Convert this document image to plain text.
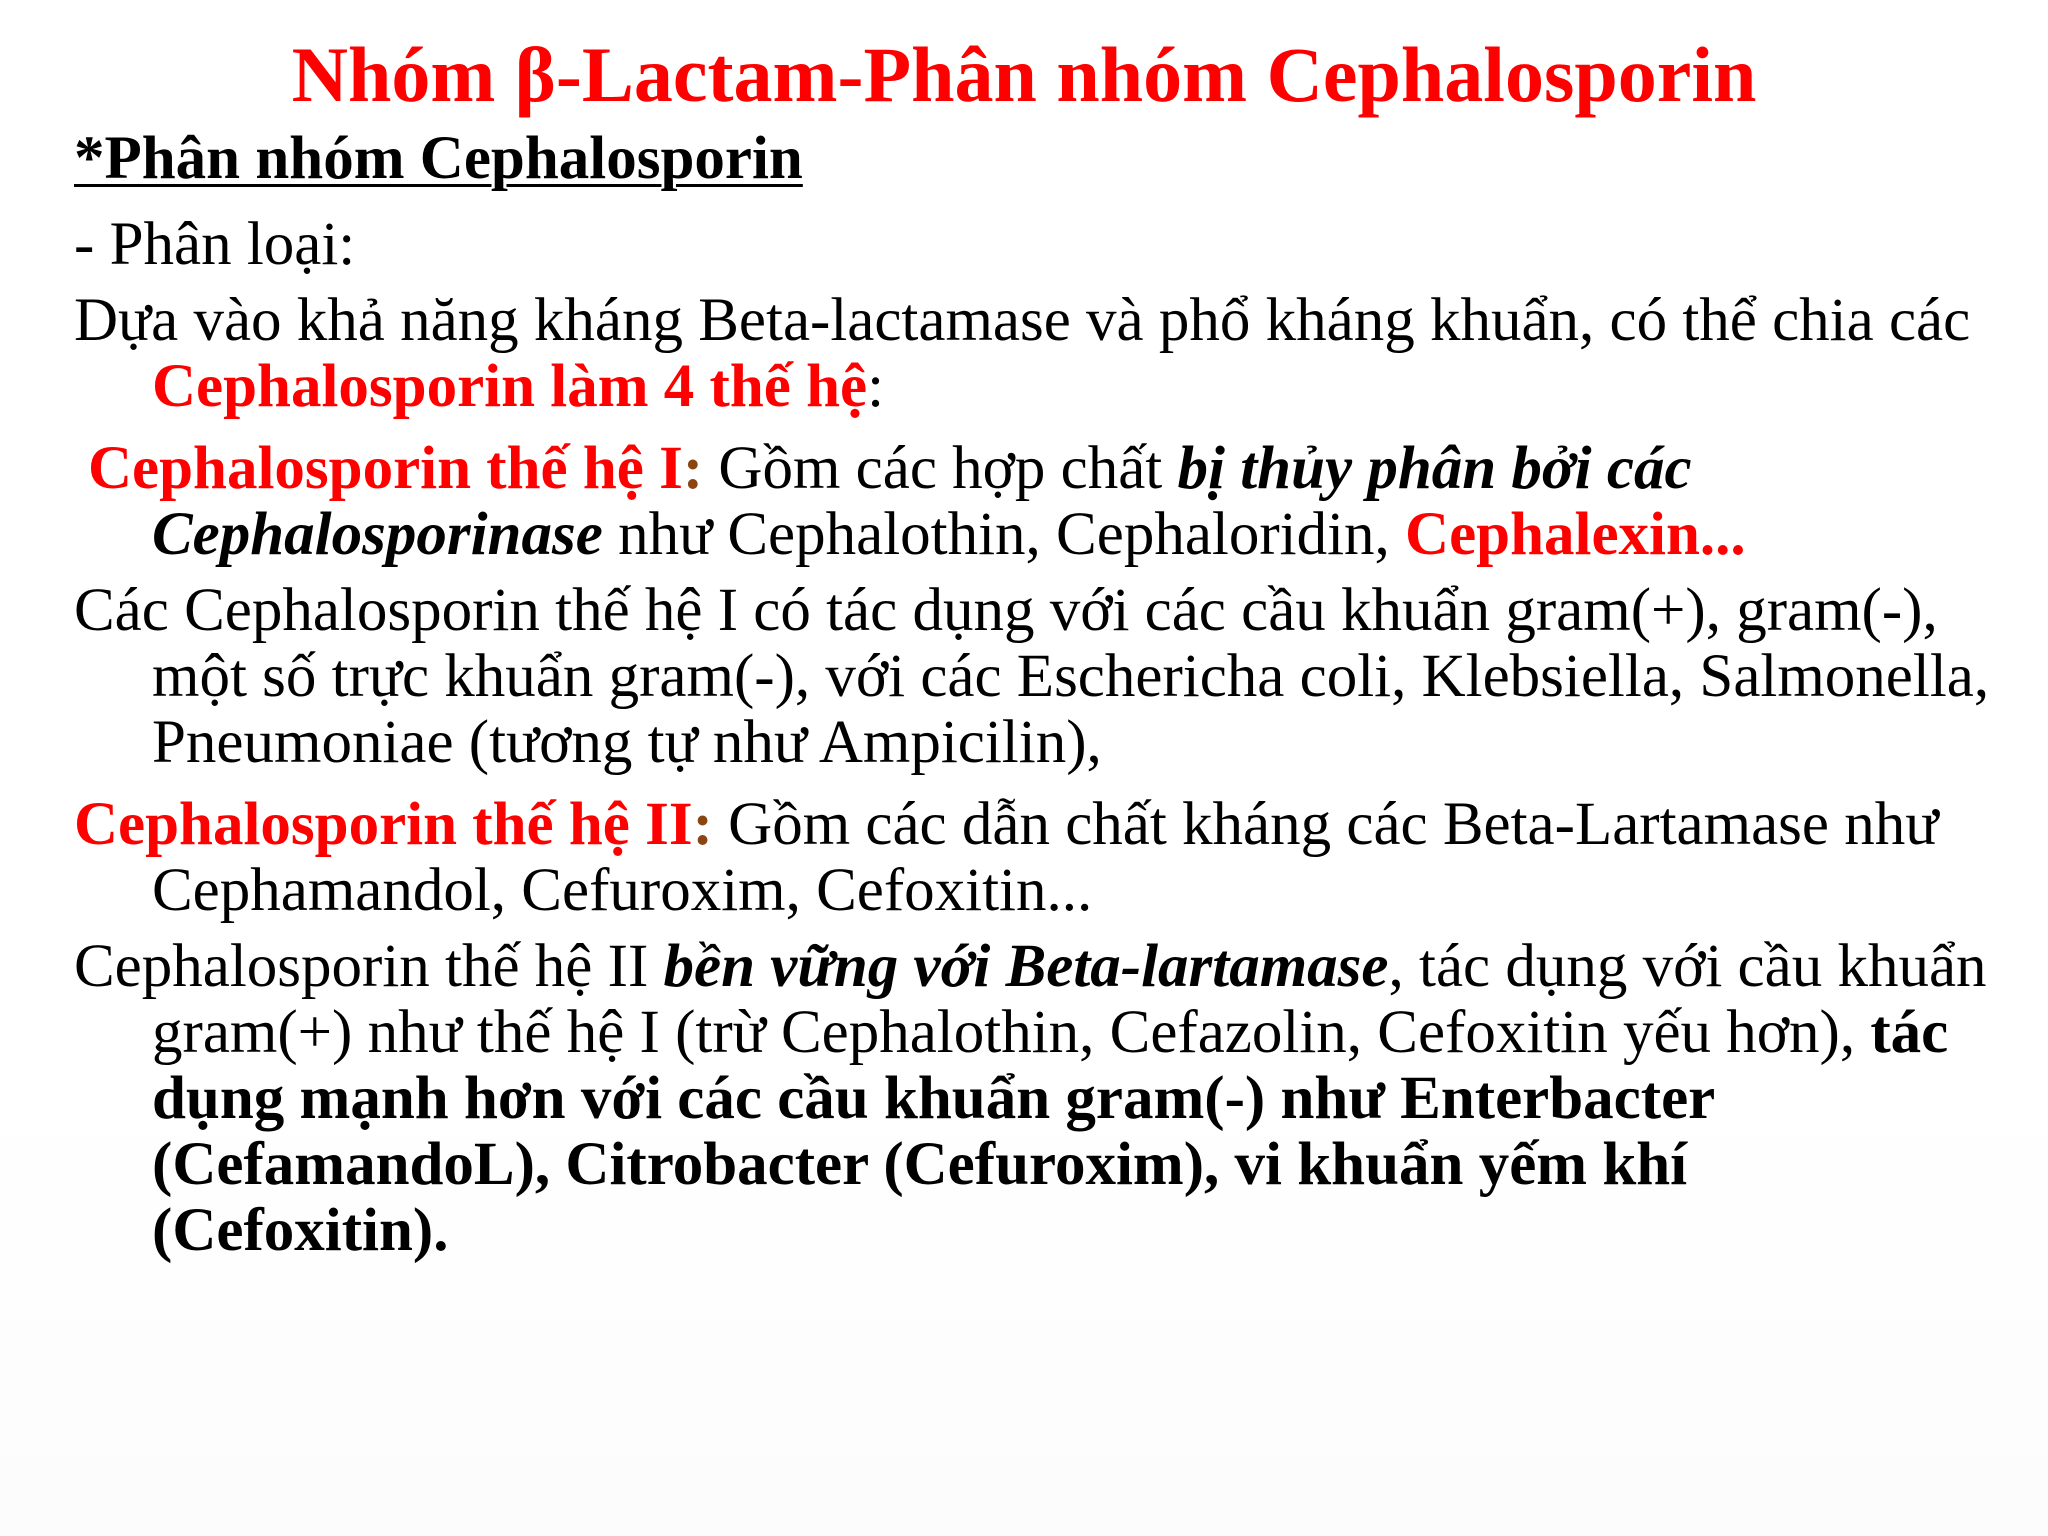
Nhóm β-Lactam-Phân nhóm Cephalosporin

*Phân nhóm Cephalosporin

- Phân loại:

Dựa vào khả năng kháng Beta-lactamase và phổ kháng khuẩn, có thể chia các Cephalosporin làm 4 thế hệ:

Cephalosporin thế hệ I: Gồm các hợp chất bị thủy phân bởi các Cephalosporinase như Cephalothin, Cephaloridin, Cephalexin...

Các Cephalosporin thế hệ I có tác dụng với các cầu khuẩn gram(+), gram(-), một số trực khuẩn gram(-), với các Eschericha coli, Klebsiella, Salmonella, Pneumoniae (tương tự như Ampicilin),

Cephalosporin thế hệ II: Gồm các dẫn chất kháng các Beta-Lartamase như Cephamandol, Cefuroxim, Cefoxitin...

Cephalosporin thế hệ II bền vững với Beta-lartamase, tác dụng với cầu khuẩn gram(+) như thế hệ I (trừ Cephalothin, Cefazolin, Cefoxitin yếu hơn), tác dụng mạnh hơn với các cầu khuẩn gram(-) như Enterbacter (CefamandoL), Citrobacter (Cefuroxim), vi khuẩn yếm khí (Cefoxitin).
